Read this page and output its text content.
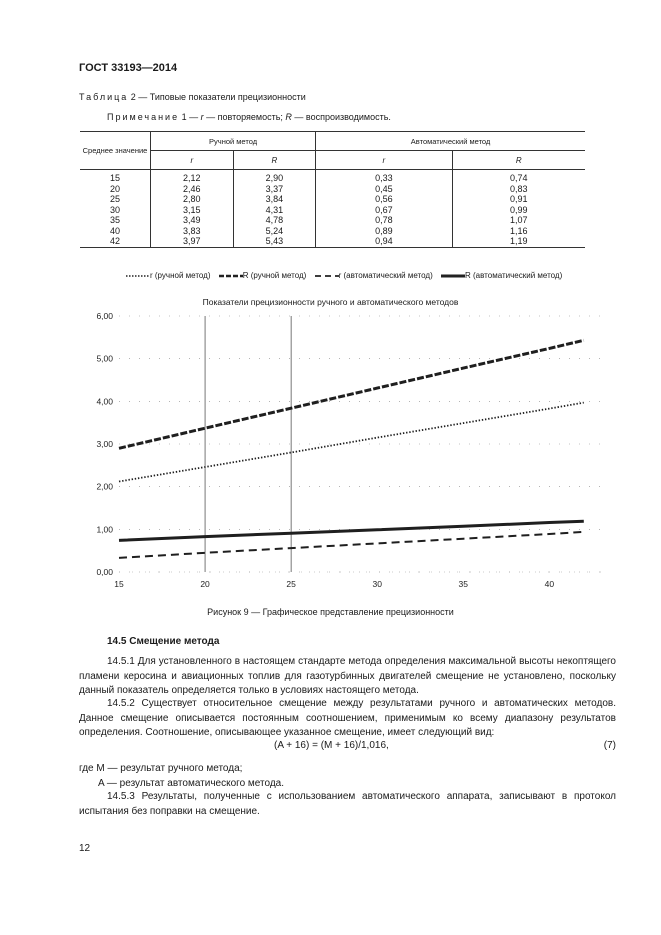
ГОСТ 33193—2014
Таблица 2 — Типовые показатели прецизионности
Примечание 1 — r — повторяемость; R — воспроизводимость.
Среднее значение	Ручной метод		Автоматический метод	
	r	R	r	R
15	2,12	2,90	0,33	0,74
20	2,46	3,37	0,45	0,83
25	2,80	3,84	0,56	0,91
30	3,15	4,31	0,67	0,99
35	3,49	4,78	0,78	1,07
40	3,83	5,24	0,89	1,16
42	3,97	5,43	0,94	1,19
r (ручной метод)	R (ручной метод)	r (автоматический метод)	R (автоматический метод)
Показатели прецизионности ручного и автоматического методов
0,00
1,00
2,00
3,00
4,00
5,00
6,00
15	20	25	30	35	40
Рисунок 9 — Графическое представление прецизионности
14.5 Смещение метода
14.5.1 Для установленного в настоящем стандарте метода определения максимальной высоты некоптящего пламени керосина и авиационных топлив для газотурбинных двигателей смещение не установлено, поскольку данный показатель определяется только в условиях настоящего метода.
14.5.2 Существует относительное смещение между результатами ручного и автоматических методов. Данное смещение описывается постоянным соотношением, применимым ко всему диапазону результатов определения. Соотношение, описывающее указанное смещение, имеет следующий вид:
(A + 16) = (M + 16)/1,016,	(7)
где M — результат ручного метода;
A — результат автоматического метода.
14.5.3 Результаты, полученные с использованием автоматического аппарата, записывают в протокол испытания без поправки на смещение.
12
